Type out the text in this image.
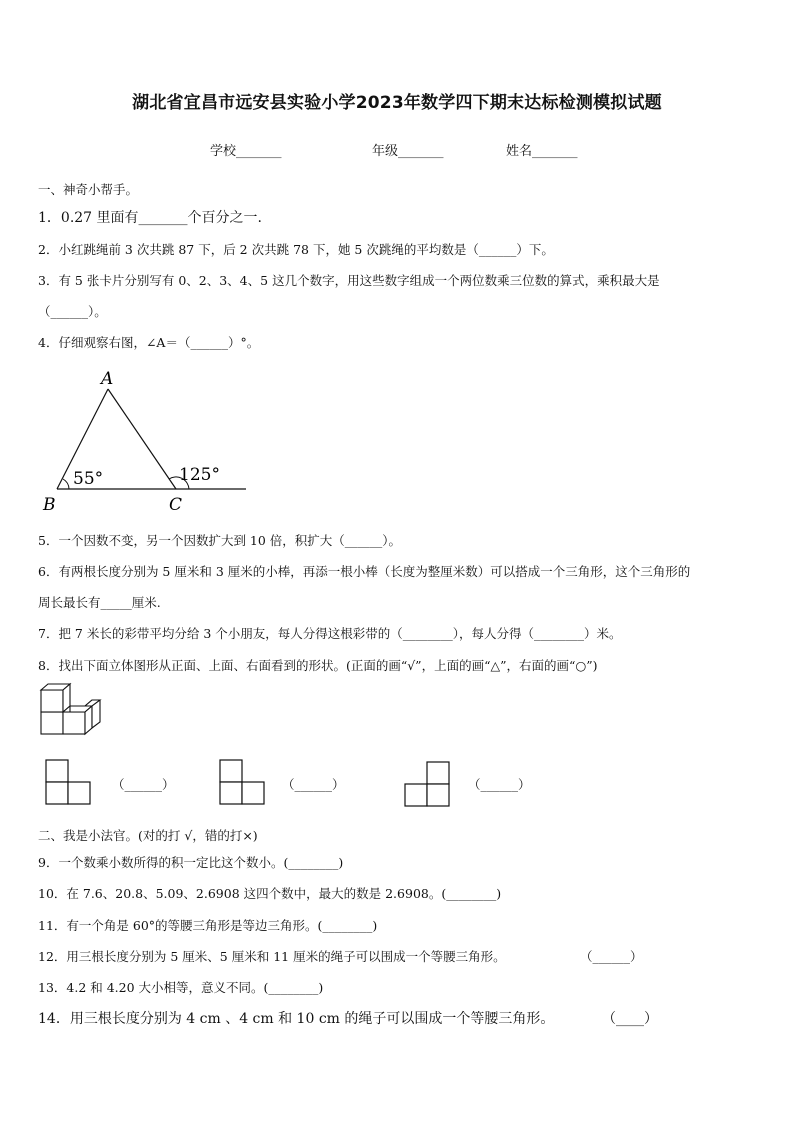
湖北省宜昌市远安县实验小学2023年数学四下期末达标检测模拟试题
学校_______	年级_______	姓名_______
一、神奇小帮手。
1．0.27 里面有_______个百分之一.
2．小红跳绳前 3 次共跳 87 下，后 2 次共跳 78 下，她 5 次跳绳的平均数是（______）下。
3．有 5 张卡片分别写有 0、2、3、4、5 这几个数字，用这些数字组成一个两位数乘三位数的算式，乘积最大是
（______）。
4．仔细观察右图，∠A＝（______）°。
A
B	C
55°	125°
5．一个因数不变，另一个因数扩大到 10 倍，积扩大（______）。
6．有两根长度分别为 5 厘米和 3 厘米的小棒，再添一根小棒（长度为整厘米数）可以搭成一个三角形，这个三角形的
周长最长有_____厘米.
7．把 7 米长的彩带平均分给 3 个小朋友，每人分得这根彩带的（________），每人分得（________）米。
8．找出下面立体图形从正面、上面、右面看到的形状。(正面的画“√”，上面的画“△”，右面的画“○”)
（______）	（______）	（______）
二、我是小法官。(对的打 √，错的打×)
9．一个数乘小数所得的积一定比这个数小。(________)
10．在 7.6、20.8、5.09、2.6908 这四个数中，最大的数是 2.6908。(________)
11．有一个角是 60°的等腰三角形是等边三角形。(________)
12．用三根长度分别为 5 厘米、5 厘米和 11 厘米的绳子可以围成一个等腰三角形。	（______）
13．4.2 和 4.20 大小相等，意义不同。(________)
14．用三根长度分别为 4 cm 、4 cm 和 10 cm 的绳子可以围成一个等腰三角形。	（____）
